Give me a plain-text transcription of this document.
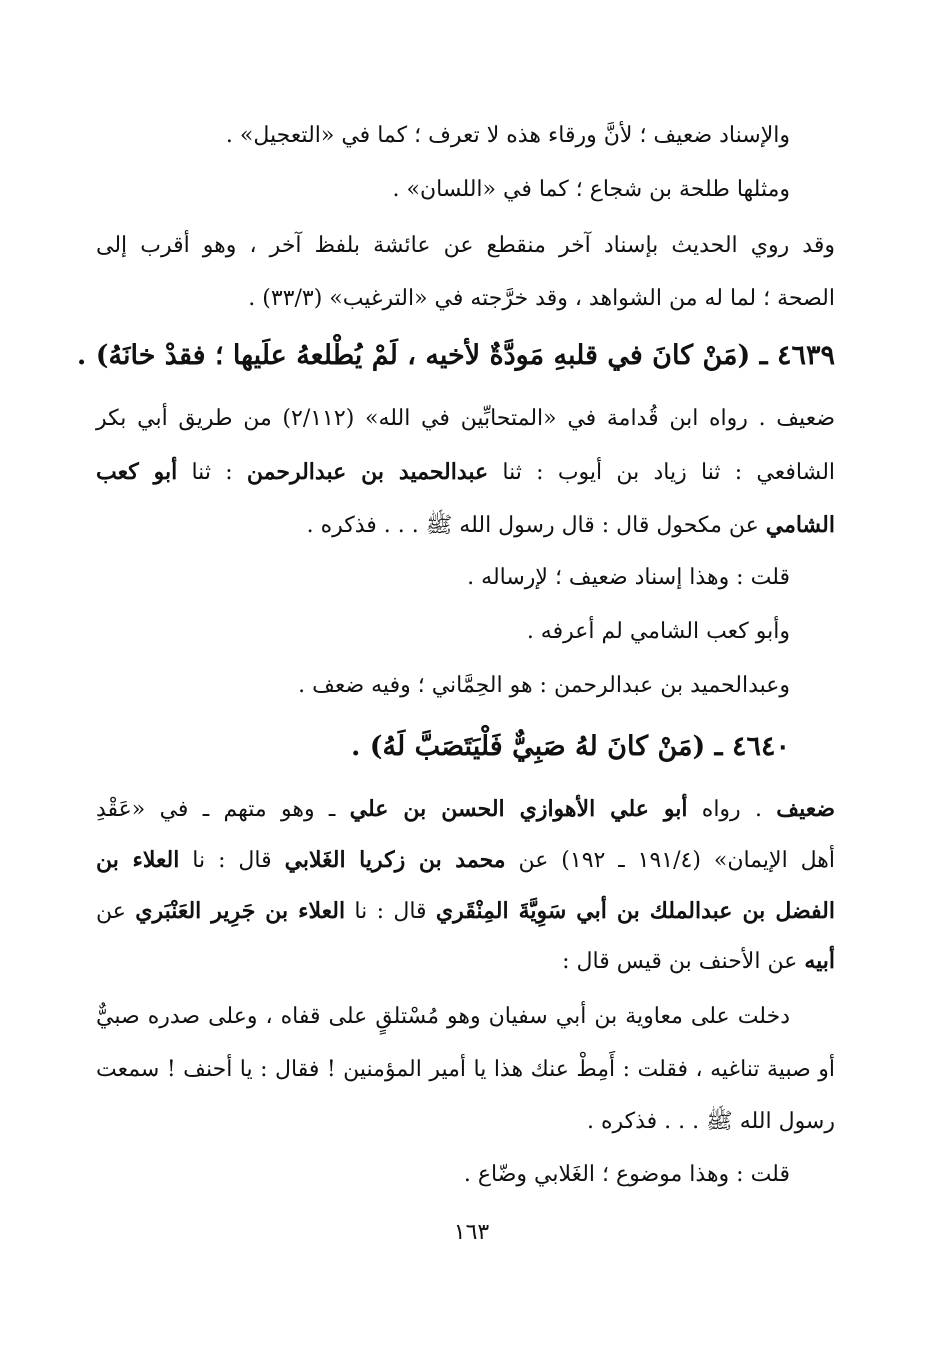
والإسناد ضعيف ؛ لأنَّ ورقاء هذه لا تعرف ؛ كما في «التعجيل» .

ومثلها طلحة بن شجاع ؛ كما في «اللسان» .

وقد روي الحديث بإسناد آخر منقطع عن عائشة بلفظ آخر ، وهو أقرب إلى

الصحة ؛ لما له من الشواهد ، وقد خرَّجته في «الترغيب» (٣٣/٣) .

٤٦٣٩ ـ (مَنْ كانَ في قلبهِ مَودَّةٌ لأخيه ، لَمْ يُطْلعهُ علَيها ؛ فقدْ خانَهُ) .

ضعيف . رواه ابن قُدامة في «المتحابِّين في الله» (٢/١١٢) من طريق أبي بكر

الشافعي : ثنا زياد بن أيوب : ثنا عبدالحميد بن عبدالرحمن : ثنا أبو كعب

الشامي عن مكحول قال : قال رسول الله ﷺ . . . فذكره .

قلت : وهذا إسناد ضعيف ؛ لإرساله .

وأبو كعب الشامي لم أعرفه .

وعبدالحميد بن عبدالرحمن : هو الحِمَّاني ؛ وفيه ضعف .

٤٦٤٠ ـ (مَنْ كانَ لهُ صَبِيٌّ فَلْيَتَصَبَّ لَهُ) .

ضعيف . رواه أبو علي الأهوازي الحسن بن علي ـ وهو متهم ـ في «عَقْدِ

أهل الإيمان» (١٩١/٤ ـ ١٩٢) عن محمد بن زكريا الغَلابي قال : نا العلاء بن

الفضل بن عبدالملك بن أبي سَوِيَّةَ المِنْقَري قال : نا العلاء بن جَرِير العَنْبَري عن

أبيه عن الأحنف بن قيس قال :

دخلت على معاوية بن أبي سفيان وهو مُسْتلقٍ على قفاه ، وعلى صدره صبيٌّ

أو صبية تناغيه ، فقلت : أَمِطْ عنك هذا يا أمير المؤمنين ! فقال : يا أحنف ! سمعت

رسول الله ﷺ . . . فذكره .

قلت : وهذا موضوع ؛ الغَلابي وضّاع .

١٦٣
